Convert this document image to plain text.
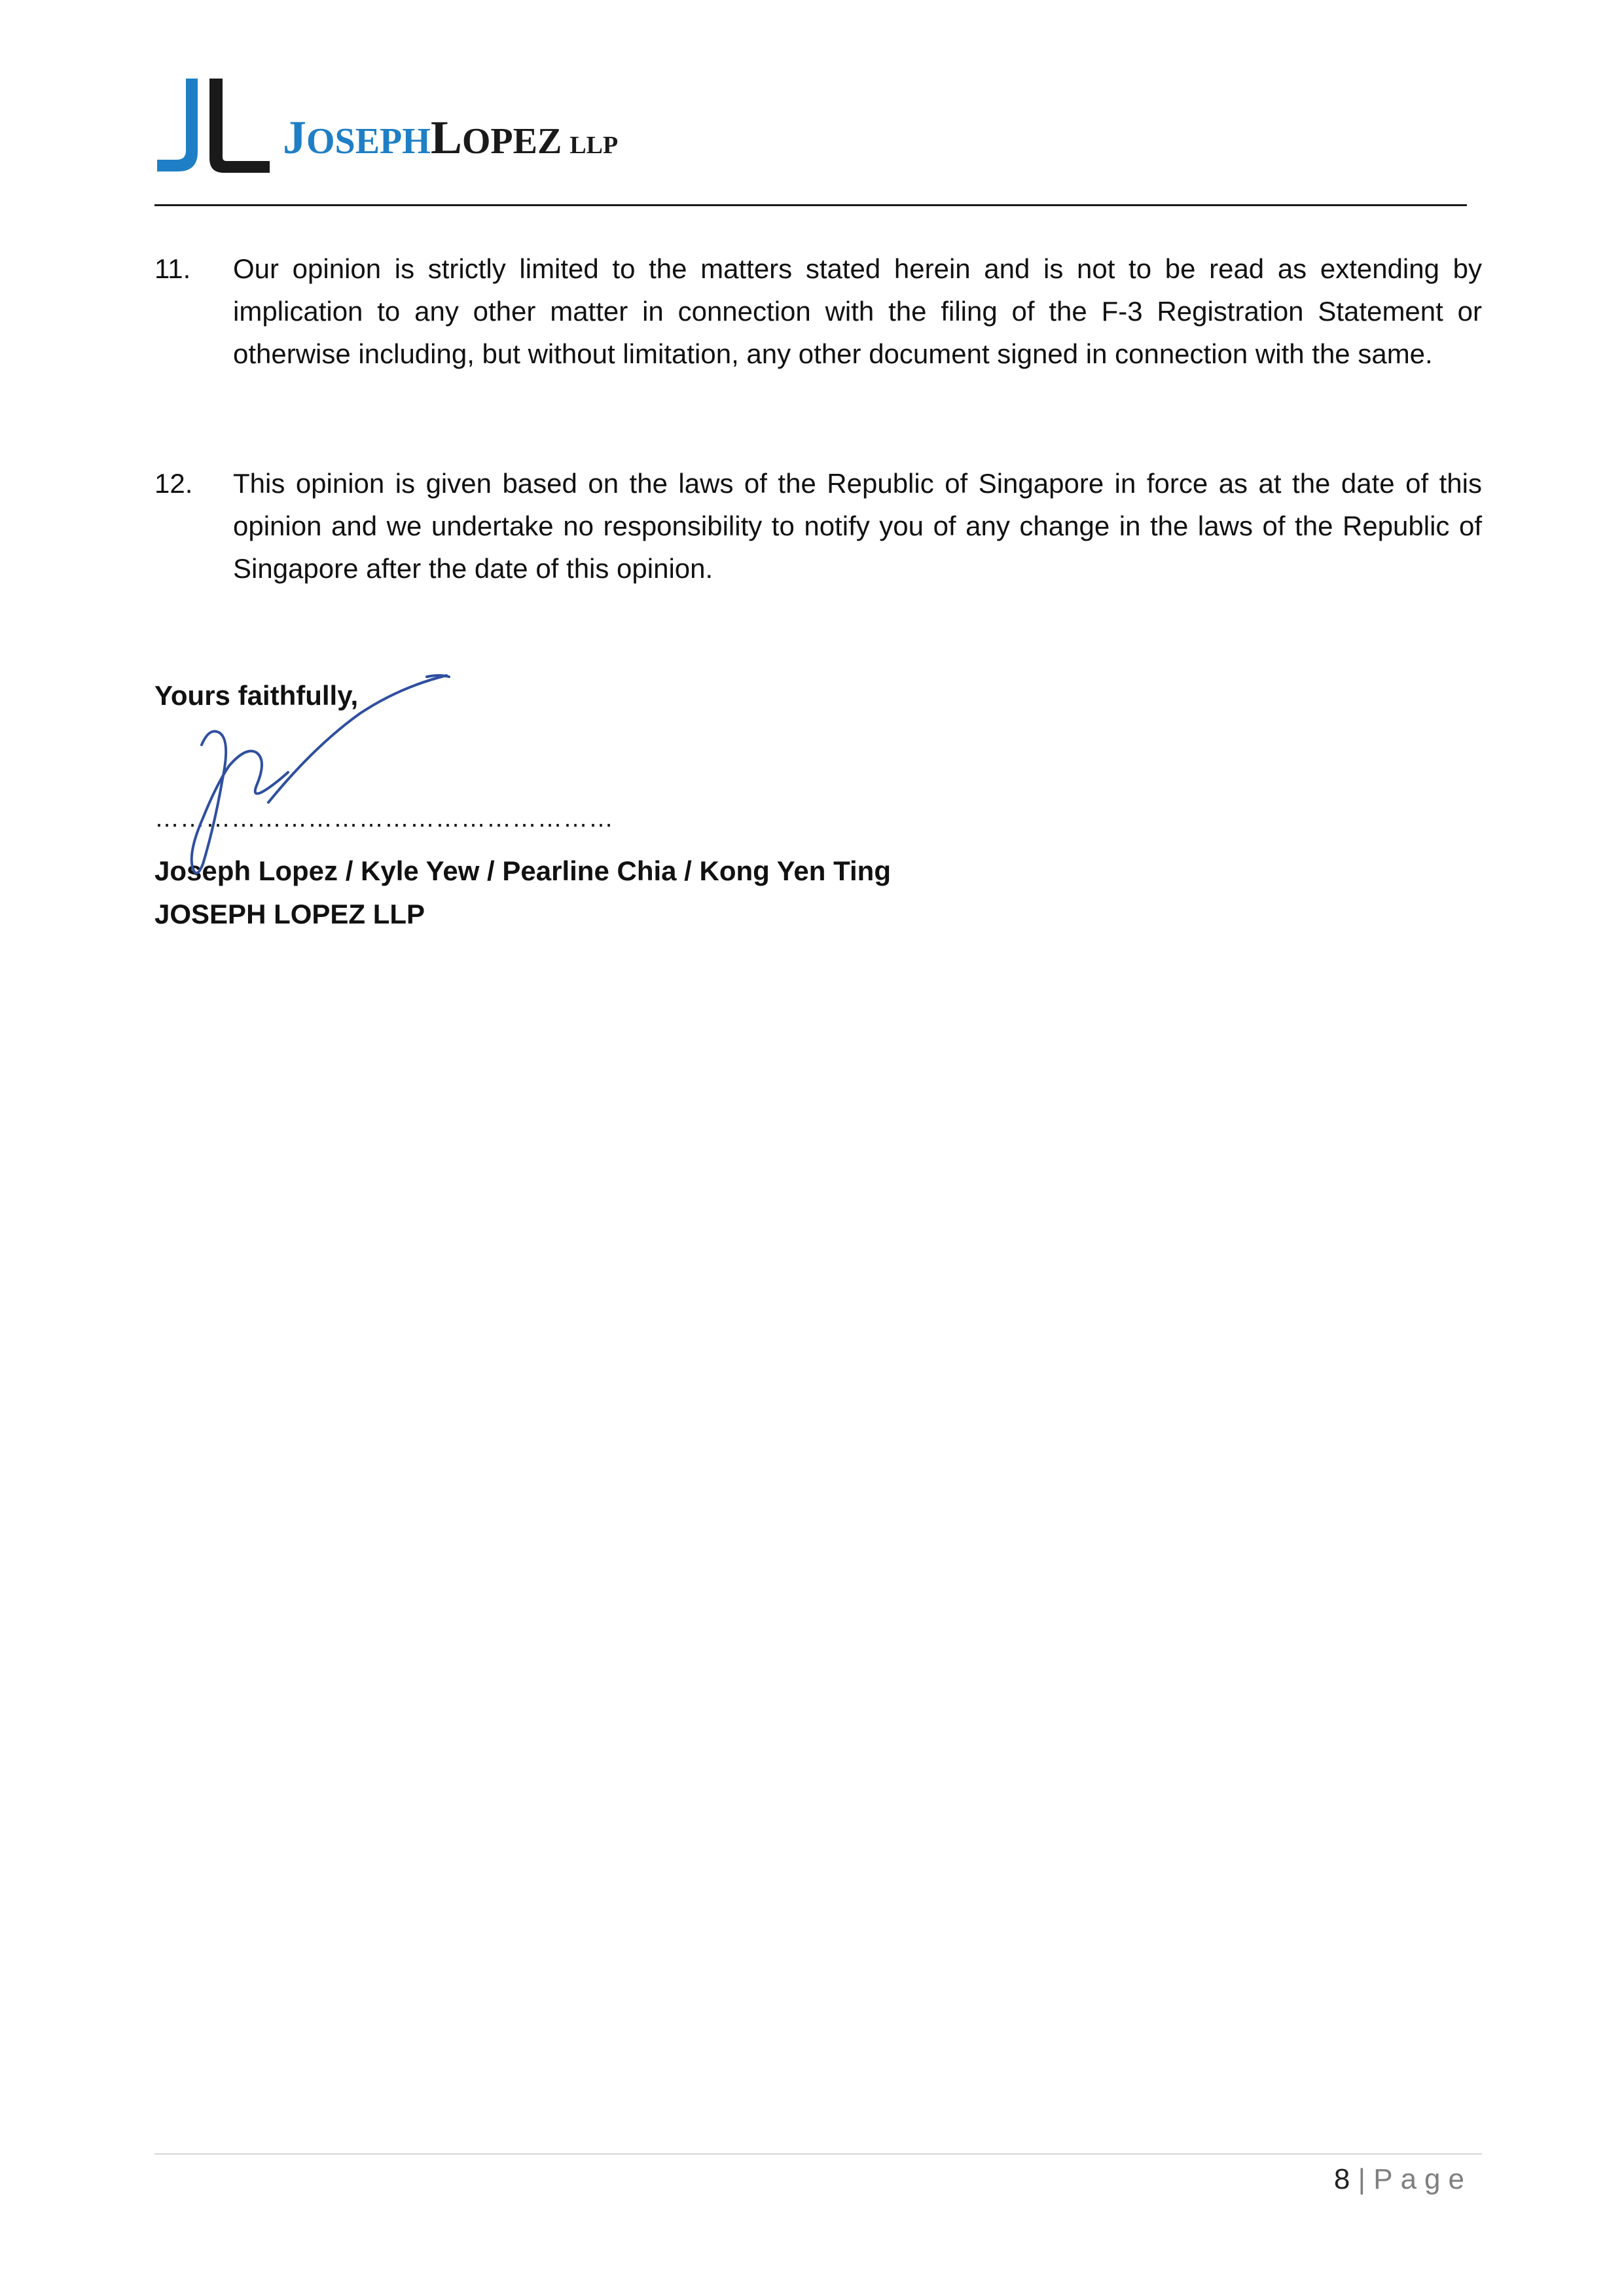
JOSEPHLOPEZ LLP
11.	Our opinion is strictly limited to the matters stated herein and is not to be read as extending by implication to any other matter in connection with the filing of the F-3 Registration Statement or otherwise including, but without limitation, any other document signed in connection with the same.
12.	This opinion is given based on the laws of the Republic of Singapore in force as at the date of this opinion and we undertake no responsibility to notify you of any change in the laws of the Republic of Singapore after the date of this opinion.
Yours faithfully,
………………………………………………
Joseph Lopez / Kyle Yew / Pearline Chia / Kong Yen Ting
JOSEPH LOPEZ LLP
8 | Page
